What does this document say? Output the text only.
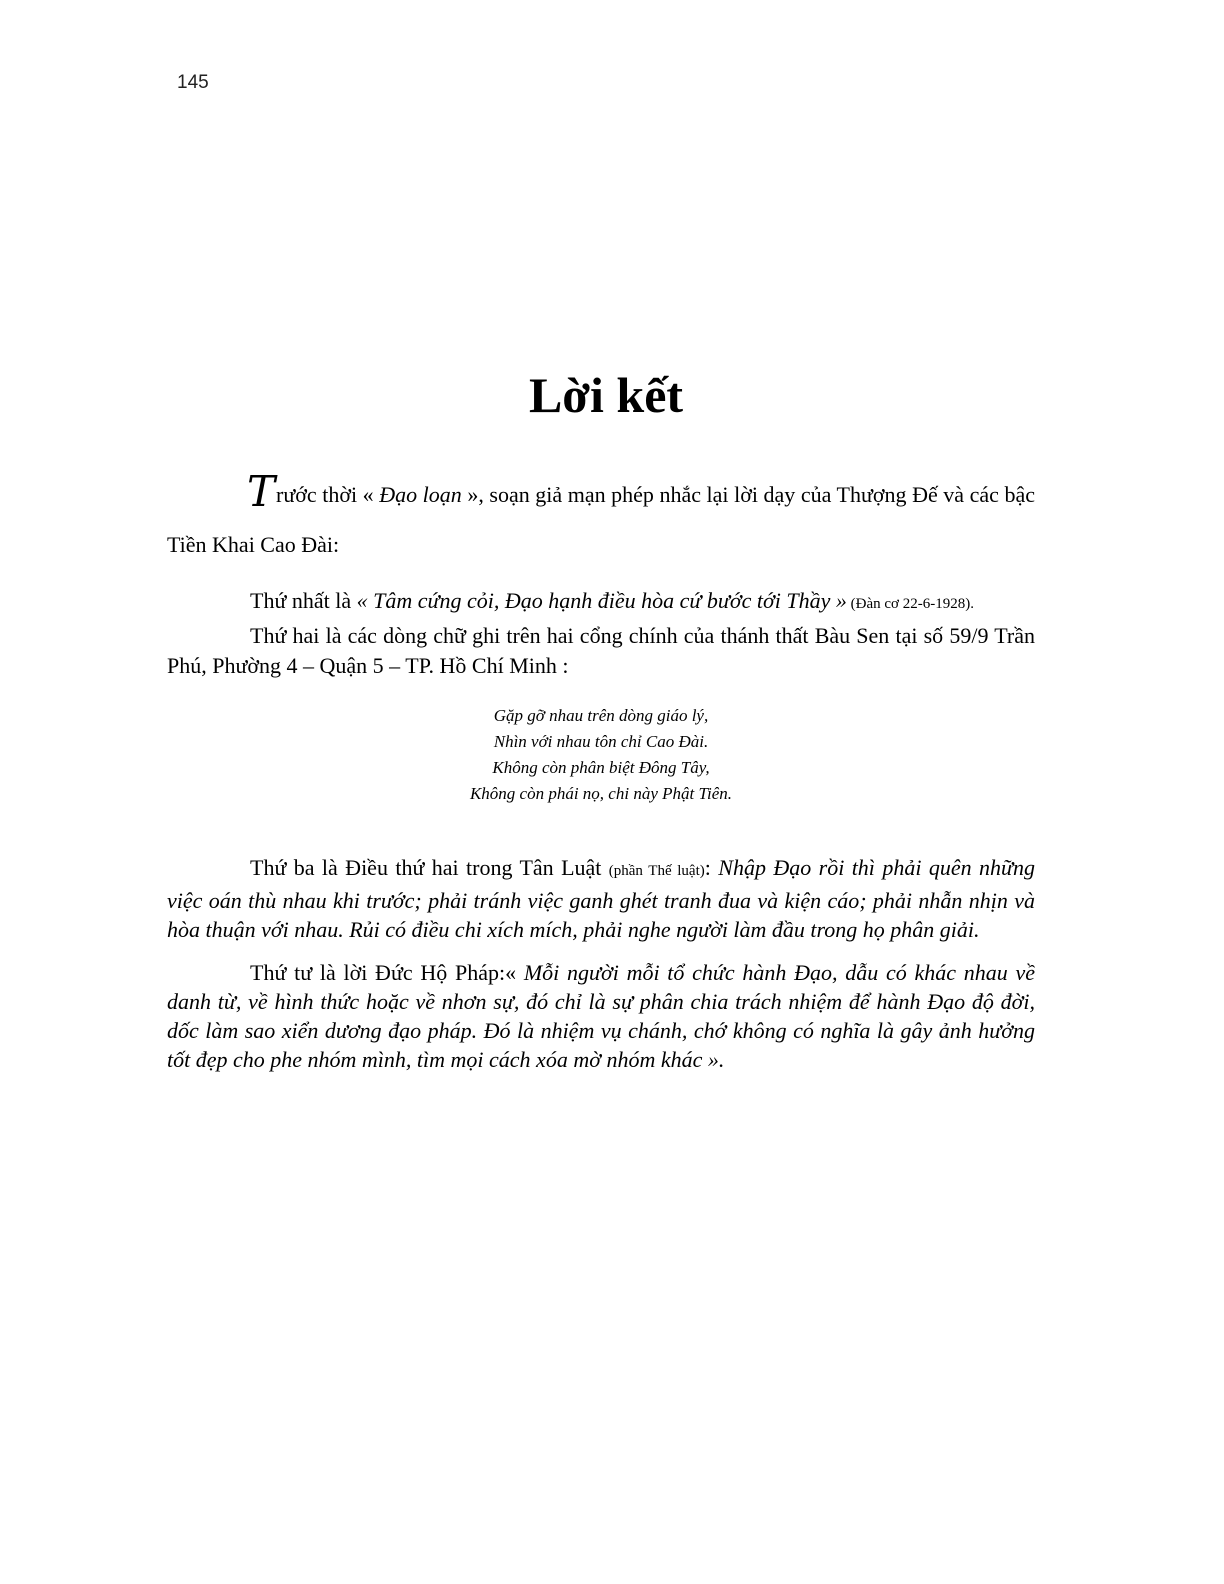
145
Lời kết

Trước thời « Đạo loạn », soạn giả mạn phép nhắc lại lời dạy của Thượng Đế và các bậc Tiền Khai Cao Đài:

Thứ nhất là « Tâm cứng cỏi, Đạo hạnh điều hòa cứ bước tới Thầy » (Đàn cơ 22-6-1928).

Thứ hai là các dòng chữ ghi trên hai cổng chính của thánh thất Bàu Sen tại số 59/9 Trần Phú, Phường 4 – Quận 5 – TP. Hồ Chí Minh :

Gặp gỡ nhau trên dòng giáo lý,
Nhìn với nhau tôn chỉ Cao Đài.
Không còn phân biệt Đông Tây,
Không còn phái nọ, chi này Phật Tiên.

Thứ ba là Điều thứ hai trong Tân Luật (phần Thế luật): Nhập Đạo rồi thì phải quên những việc oán thù nhau khi trước; phải tránh việc ganh ghét tranh đua và kiện cáo; phải nhẫn nhịn và hòa thuận với nhau. Rủi có điều chi xích mích, phải nghe người làm đầu trong họ phân giải.

Thứ tư là lời Đức Hộ Pháp:« Mỗi người mỗi tổ chức hành Đạo, dẫu có khác nhau về danh từ, về hình thức hoặc về nhơn sự, đó chỉ là sự phân chia trách nhiệm để hành Đạo độ đời, dốc làm sao xiển dương đạo pháp. Đó là nhiệm vụ chánh, chớ không có nghĩa là gây ảnh hưởng tốt đẹp cho phe nhóm mình, tìm mọi cách xóa mờ nhóm khác ».
